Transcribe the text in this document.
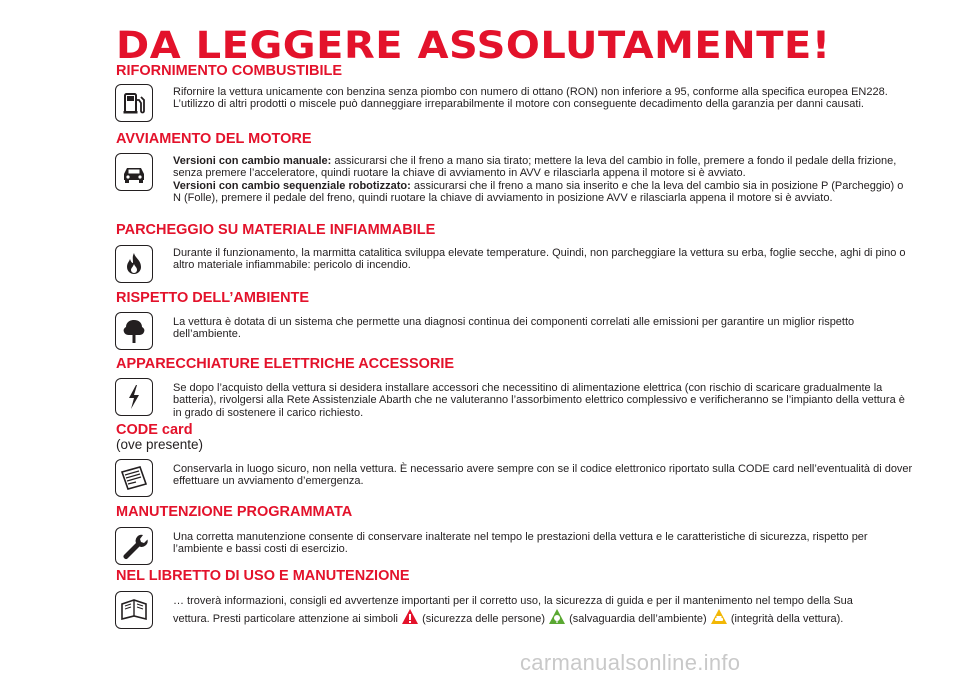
DA LEGGERE ASSOLUTAMENTE!
RIFORNIMENTO COMBUSTIBILE
Rifornire la vettura unicamente con benzina senza piombo con numero di ottano (RON) non inferiore a 95, conforme alla specifica europea EN228. L’utilizzo di altri prodotti o miscele può danneggiare irreparabilmente il motore con conseguente decadimento della garanzia per danni causati.
AVVIAMENTO DEL MOTORE
Versioni con cambio manuale: assicurarsi che il freno a mano sia tirato; mettere la leva del cambio in folle, premere a fondo il pedale della frizione, senza premere l’acceleratore, quindi ruotare la chiave di avviamento in AVV e rilasciarla appena il motore si è avviato.
Versioni con cambio sequenziale robotizzato: assicurarsi che il freno a mano sia inserito e che la leva del cambio sia in posizione P (Parcheggio) o N (Folle), premere il pedale del freno, quindi ruotare la chiave di avviamento in posizione AVV e rilasciarla appena il motore si è avviato.
PARCHEGGIO SU MATERIALE INFIAMMABILE
Durante il funzionamento, la marmitta catalitica sviluppa elevate temperature. Quindi, non parcheggiare la vettura su erba, foglie secche, aghi di pino o altro materiale infiammabile: pericolo di incendio.
RISPETTO DELL’AMBIENTE
La vettura è dotata di un sistema che permette una diagnosi continua dei componenti correlati alle emissioni per garantire un miglior rispetto dell’ambiente.
APPARECCHIATURE ELETTRICHE ACCESSORIE
Se dopo l’acquisto della vettura si desidera installare accessori che necessitino di alimentazione elettrica (con rischio di scaricare gradualmente la batteria), rivolgersi alla Rete Assistenziale Abarth che ne valuteranno l’assorbimento elettrico complessivo e verificheranno se l’impianto della vettura è in grado di sostenere il carico richiesto.
CODE card
(ove presente)
Conservarla in luogo sicuro, non nella vettura. È necessario avere sempre con se il codice elettronico riportato sulla CODE card nell’eventualità di dover effettuare un avviamento d’emergenza.
MANUTENZIONE PROGRAMMATA
Una corretta manutenzione consente di conservare inalterate nel tempo le prestazioni della vettura e le caratteristiche di sicurezza, rispetto per l’ambiente e bassi costi di esercizio.
NEL LIBRETTO DI USO E MANUTENZIONE
… troverà informazioni, consigli ed avvertenze importanti per il corretto uso, la sicurezza di guida e per il mantenimento nel tempo della Sua
vettura. Presti particolare attenzione ai simboli  (sicurezza delle persone)  (salvaguardia dell’ambiente)  (integrità della vettura).
carmanualsonline.info
